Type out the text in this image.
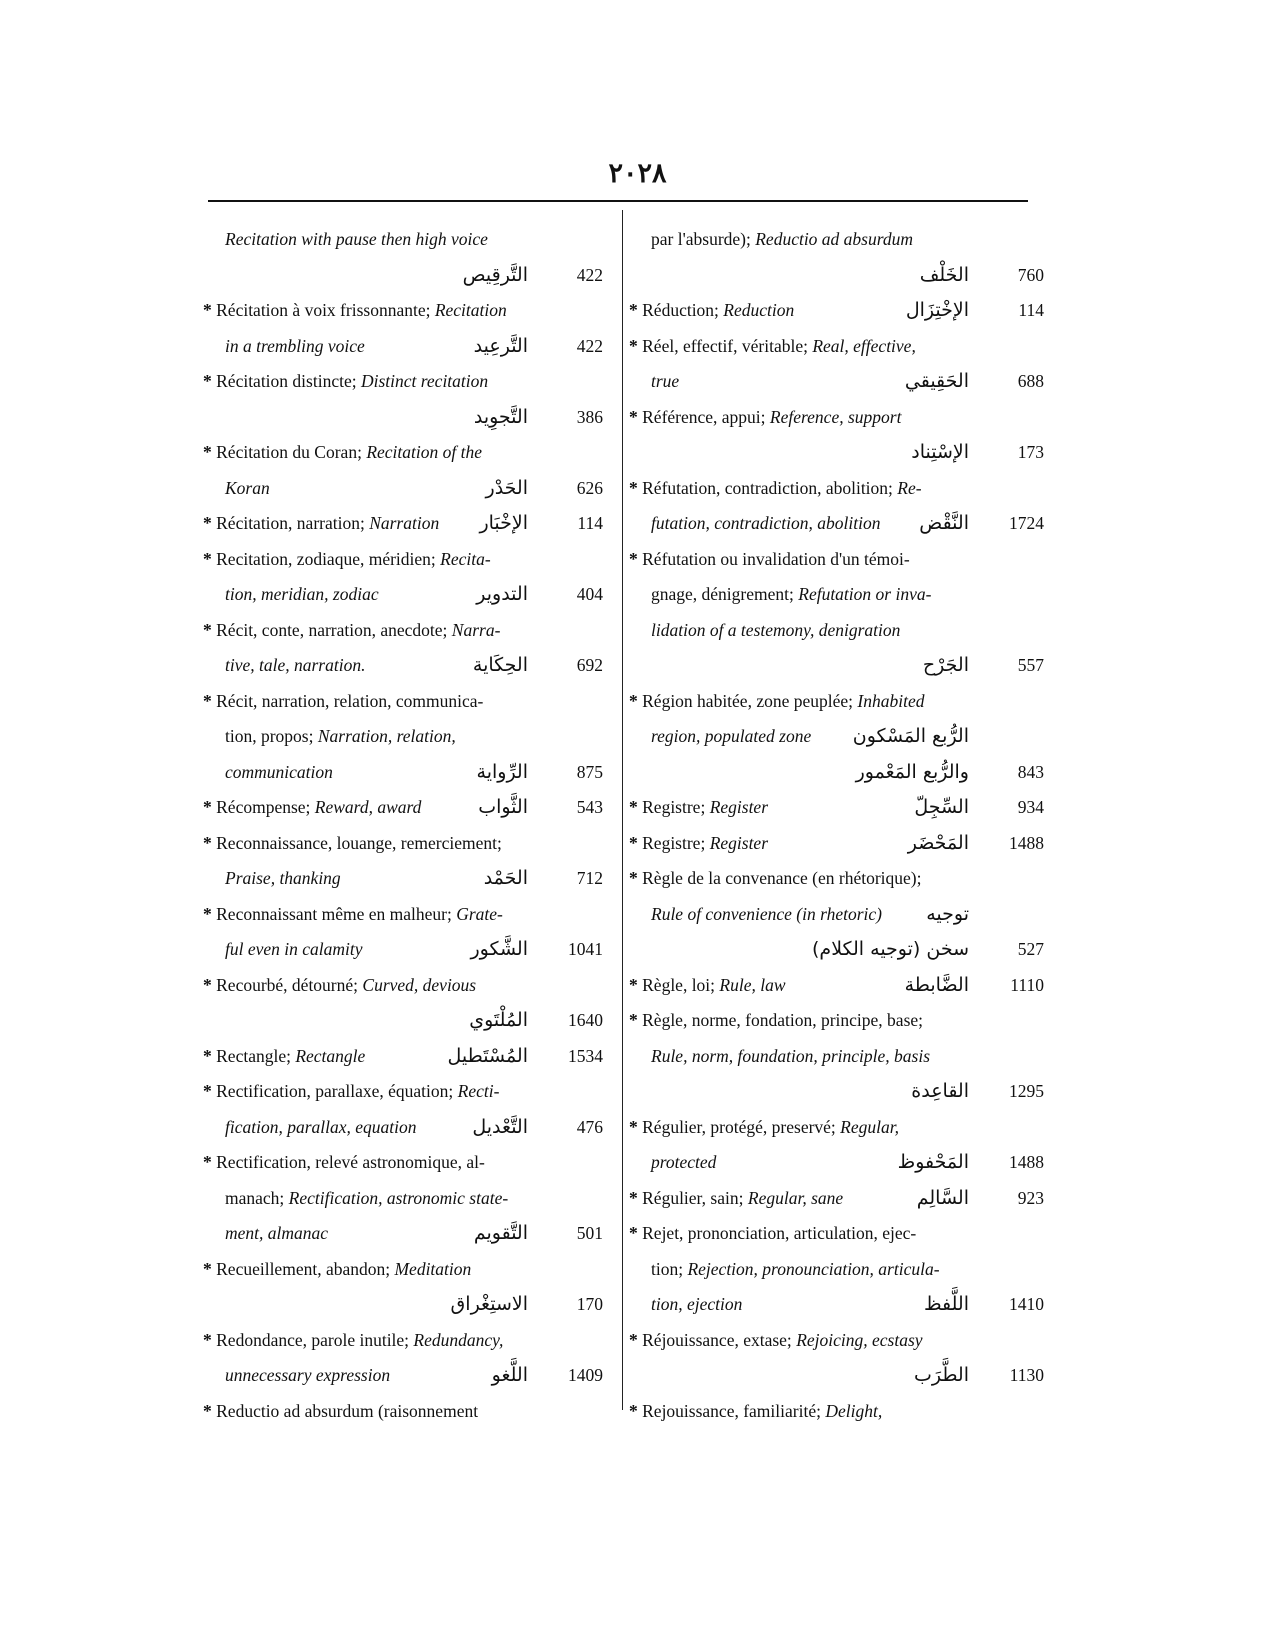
٢٠٢٨
Recitation with pause then high voice
التَّرقِيص	422
* Récitation à voix frissonnante; Recitation
in a trembling voice	التَّرعِيد	422
* Récitation distincte; Distinct recitation
التَّجوِيد	386
* Récitation du Coran; Recitation of the
Koran	الحَدْر	626
* Récitation, narration; Narration الإخْبَار	114
* Recitation, zodiaque, méridien; Recita-
tion, meridian, zodiac	التدوير	404
* Récit, conte, narration, anecdote; Narra-
tive, tale, narration.	الحِكَاية	692
* Récit, narration, relation, communica-
tion, propos; Narration, relation,
communication	الرِّواية	875
* Récompense; Reward, award	الثَّواب	543
* Reconnaissance, louange, remerciement;
Praise, thanking	الحَمْد	712
* Reconnaissant même en malheur; Grate-
ful even in calamity	الشَّكور	1041
* Recourbé, détourné; Curved, devious
المُلْتَوي	1640
* Rectangle; Rectangle	المُسْتَطيل	1534
* Rectification, parallaxe, équation; Recti-
fication, parallax, equation	التَّعْديل	476
* Rectification, relevé astronomique, al-
manach; Rectification, astronomic state-
ment, almanac	التَّقويم	501
* Recueillement, abandon; Meditation
الاستِغْراق	170
* Redondance, parole inutile; Redundancy,
unnecessary expression	اللَّغو	1409
* Reductio ad absurdum (raisonnement
par l'absurde); Reductio ad absurdum
الخَلْف	760
* Réduction; Reduction	الإخْتِزَال	114
* Réel, effectif, véritable; Real, effective,
true	الحَقِيقي	688
* Référence, appui; Reference, support
الإسْتِناد	173
* Réfutation, contradiction, abolition; Re-
futation, contradiction, abolition النَّقْض	1724
* Réfutation ou invalidation d'un témoi-
gnage, dénigrement; Refutation or inva-
lidation of a testemony, denigration
الجَرْح	557
* Région habitée, zone peuplée; Inhabited
region, populated zone الرُّبع المَسْكون
والرُّبع المَعْمور	843
* Registre; Register	السِّجِلّ	934
* Registre; Register	المَحْضَر	1488
* Règle de la convenance (en rhétorique);
Rule of convenience (in rhetoric) توجيه
سخن (توجيه الكلام)	527
* Règle, loi; Rule, law	الضَّابطة	1110
* Règle, norme, fondation, principe, base;
Rule, norm, foundation, principle, basis
القاعِدة	1295
* Régulier, protégé, preservé; Regular,
protected	المَحْفوظ	1488
* Régulier, sain; Regular, sane	السَّالِم	923
* Rejet, prononciation, articulation, ejec-
tion; Rejection, pronounciation, articula-
tion, ejection	اللَّفظ	1410
* Réjouissance, extase; Rejoicing, ecstasy
الطَّرَب	1130
* Rejouissance, familiarité; Delight,
